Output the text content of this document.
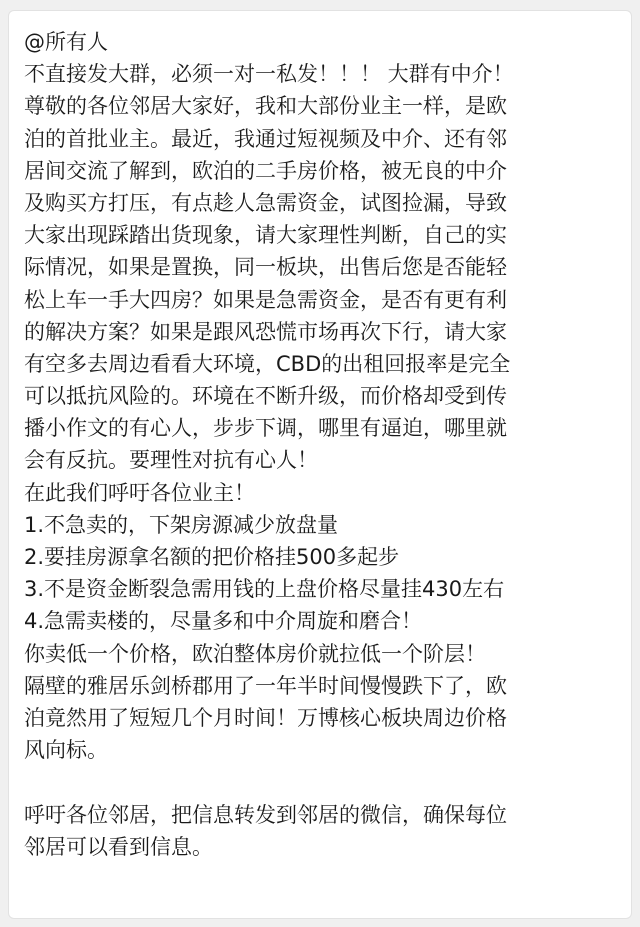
@所有人
不直接发大群，必须一对一私发！！！ 大群有中介！
尊敬的各位邻居大家好，我和大部份业主一样，是欧
泊的首批业主。最近，我通过短视频及中介、还有邻
居间交流了解到，欧泊的二手房价格，被无良的中介
及购买方打压，有点趁人急需资金，试图捡漏，导致
大家出现踩踏出货现象，请大家理性判断，自己的实
际情况，如果是置换，同一板块，出售后您是否能轻
松上车一手大四房？如果是急需资金，是否有更有利
的解决方案？如果是跟风恐慌市场再次下行，请大家
有空多去周边看看大环境，CBD的出租回报率是完全
可以抵抗风险的。环境在不断升级，而价格却受到传
播小作文的有心人，步步下调，哪里有逼迫，哪里就
会有反抗。要理性对抗有心人！
在此我们呼吁各位业主！
1.不急卖的，下架房源减少放盘量
2.要挂房源拿名额的把价格挂500多起步
3.不是资金断裂急需用钱的上盘价格尽量挂430左右
4.急需卖楼的，尽量多和中介周旋和磨合！
你卖低一个价格，欧泊整体房价就拉低一个阶层！
隔壁的雅居乐剑桥郡用了一年半时间慢慢跌下了，欧
泊竟然用了短短几个月时间！万博核心板块周边价格
风向标。
呼吁各位邻居，把信息转发到邻居的微信，确保每位
邻居可以看到信息。
